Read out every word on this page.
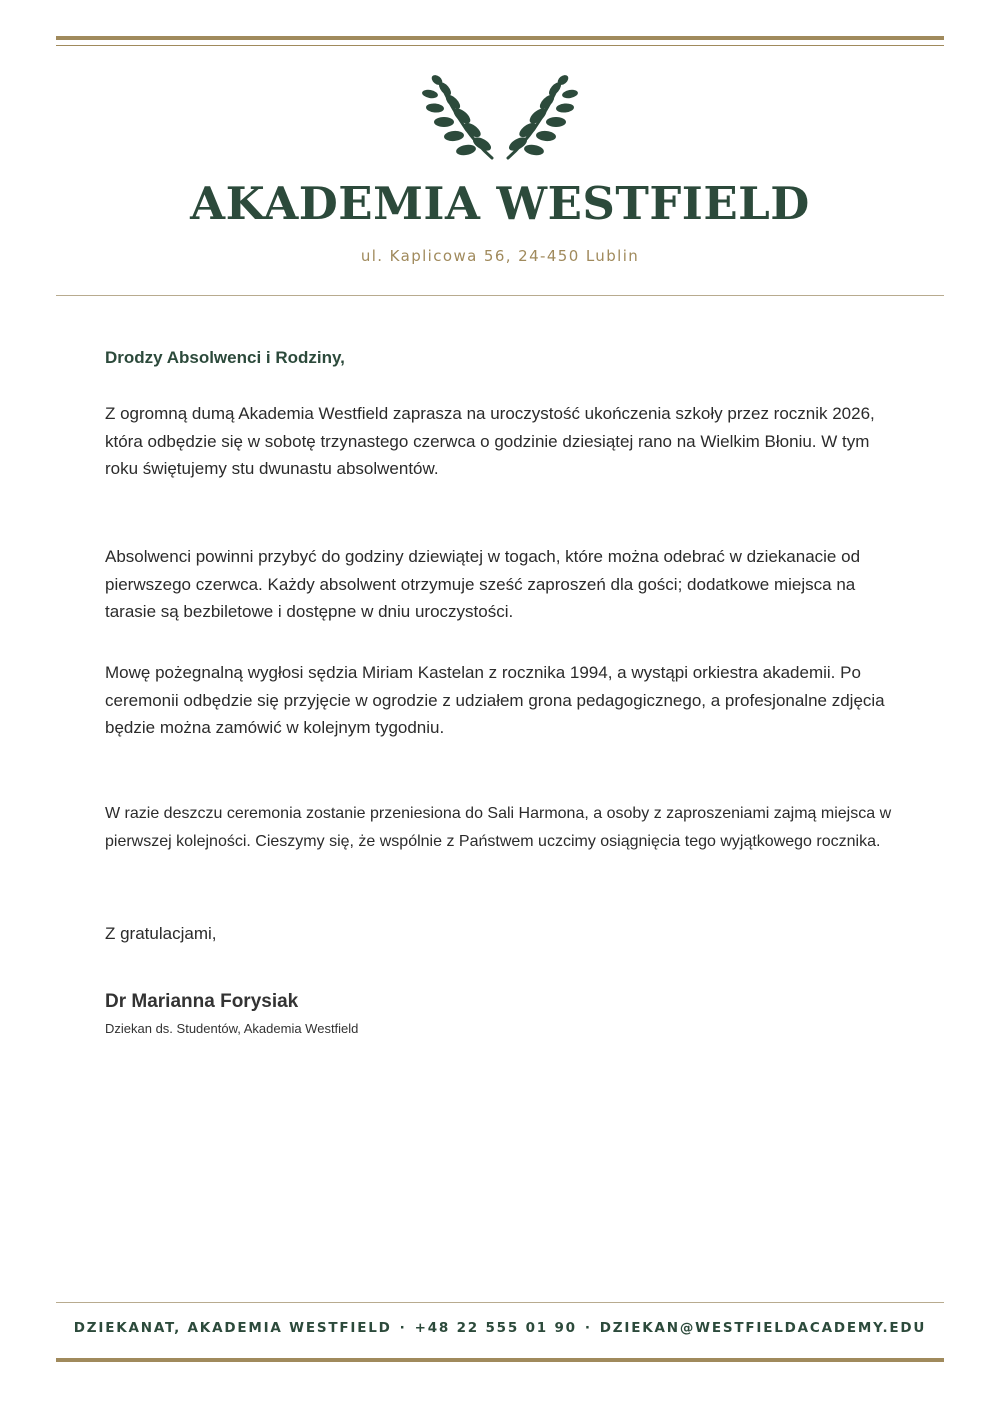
AKADEMIA WESTFIELD
ul. Kaplicowa 56, 24-450 Lublin
Drodzy Absolwenci i Rodziny,

Z ogromną dumą Akademia Westfield zaprasza na uroczystość ukończenia szkoły przez rocznik 2026, która odbędzie się w sobotę trzynastego czerwca o godzinie dziesiątej rano na Wielkim Błoniu. W tym roku świętujemy stu dwunastu absolwentów.

Absolwenci powinni przybyć do godziny dziewiątej w togach, które można odebrać w dziekanacie od pierwszego czerwca. Każdy absolwent otrzymuje sześć zaproszeń dla gości; dodatkowe miejsca na tarasie są bezbiletowe i dostępne w dniu uroczystości.

Mowę pożegnalną wygłosi sędzia Miriam Kastelan z rocznika 1994, a wystąpi orkiestra akademii. Po ceremonii odbędzie się przyjęcie w ogrodzie z udziałem grona pedagogicznego, a profesjonalne zdjęcia będzie można zamówić w kolejnym tygodniu.

W razie deszczu ceremonia zostanie przeniesiona do Sali Harmona, a osoby z zaproszeniami zajmą miejsca w pierwszej kolejności. Cieszymy się, że wspólnie z Państwem uczcimy osiągnięcia tego wyjątkowego rocznika.

Z gratulacjami,
Dr Marianna Forysiak
Dziekan ds. Studentów, Akademia Westfield
DZIEKANAT, AKADEMIA WESTFIELD · +48 22 555 01 90 · DZIEKAN@WESTFIELDACADEMY.EDU
